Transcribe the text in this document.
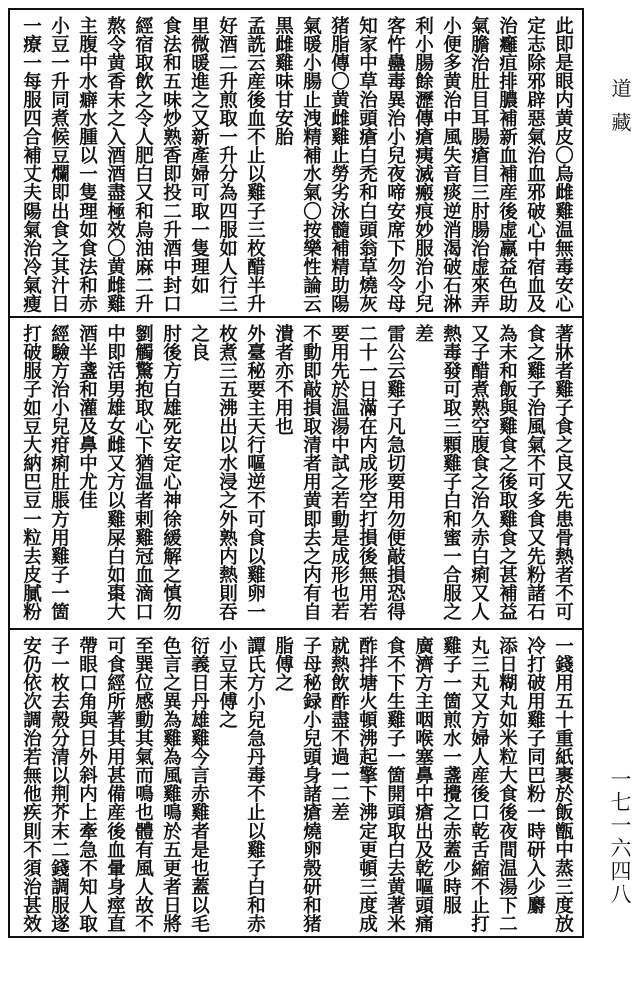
此即是眼内黄皮〇烏雌雞温無毒安心
定志除邪辟惡氣治血邪破心中宿血及
治癰疽排膿補新血補産後虚羸益色助
氣膽治肚目耳腸瘡目三肘腸治虚來弄
小便多黄治中風失音痰逆消渴破石淋
利小腸餘瀝傳瘡痍滅瘢痕妙服治小兒
客忤蠱毒異治小兒夜啼安席下勿令母
知家中草治頭瘡白禿和白頭翁草燒灰
猪脂傳〇黄雌雞止勞劣泳髓補精助陽
氣暖小腸止洩精補水氣〇按樂性論云
黒雌雞味甘安胎
孟詵云産後血不止以雞子三枚醋半升
好酒二升煎取一升分為四服如人行三
里微暖進之又新產婦可取一隻理如
食法和五味炒熟香即投二升酒中封口
經宿取飲之令人肥白又和烏油麻二升
熬令黄香末之入酒酒盡極效〇黄雌雞
主腹中水癖水腫以一隻理如食法和赤
小豆一升同煮候豆爛即出食之其汁日
一療一每服四合補丈夫陽氣治冷氣瘦
著牀者雞子食之良又先患骨熱者不可
食之雞子治風氣不可多食又先粉諸石
為末和飯與雞食之後取雞食之甚補益
又子醋煮熟空腹食之治久赤白痢又人
熱毒發可取三顆雞子白和蜜一合服之
差
雷公云雞子凡急切要用勿便敲損恐得
二十一日滿在内成形空打損後無用若
要用先於温湯中試之若動是成形也若
不動即敲損取清者用黄即去之内有自
潰者亦不用也
外臺秘要主天行嘔逆不可食以雞卵一
枚煮三五沸出以水浸之外熟内熱則吞
之良
肘後方白雄死安定心神徐緩解之慎勿
劉觸驚抱取心下猶温者剌雞冠血滴口
中即活男雄女雌又方以雞屎白如棗大
酒半盞和灌及鼻中尤佳
經驗方治小兒疳痢肚脹方用雞子一箇
打破服子如豆大納巴豆一粒去皮膩粉
一錢用五十重紙裹於飯甑中蒸三度放
冷打破用雞子同巴粉一時研入少麝
添日糊丸如米粒大食後夜間温湯下二
丸三丸又方婦人産後口乾舌縮不止打
雞子一箇煎水一盞攪之赤蓋少時服
廣濟方主咽喉塞鼻中瘡出及乾嘔頭痛
食不下生雞子一箇開頭取白去黄著米
酢拌塘火頓沸起擎下沸定更頓三度成
就熱飲酢盡不過一二差
子母秘録小兒頭身諸瘡燒卵殼研和猪
脂傅之
譚氏方小兒急丹毒不止以雞子白和赤
小豆末傅之
衍義日丹雄雞今言赤雞者是也蓋以毛
色言之異為雞為風雞鳴於五更者日將
至巽位感動其氣而鳴也體有風人故不
可食經所著其用甚備産後血暈身痙直
帶眼口角與日外斜内上牽急不知人取
子一枚去殼分清以荆芥末二錢調服遂
安仍依次調治若無他疾則不須治甚效
道藏
一七一六四八
